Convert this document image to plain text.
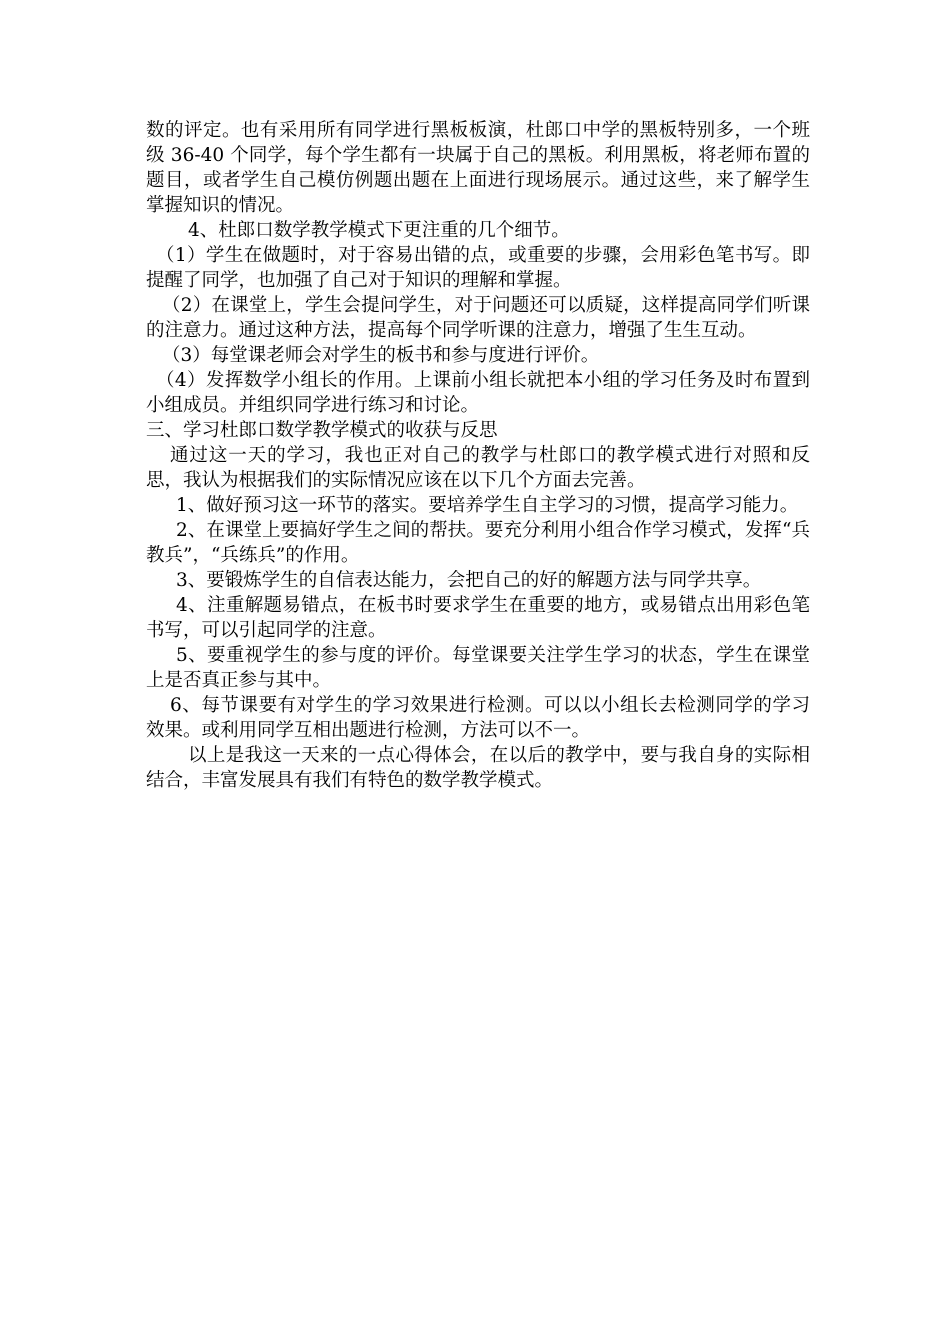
数的评定。也有采用所有同学进行黑板板演，杜郎口中学的黑板特别多，一个班级 36-40 个同学，每个学生都有一块属于自己的黑板。利用黑板，将老师布置的题目，或者学生自己模仿例题出题在上面进行现场展示。通过这些，来了解学生掌握知识的情况。

4、杜郎口数学教学模式下更注重的几个细节。

（1）学生在做题时，对于容易出错的点，或重要的步骤，会用彩色笔书写。即提醒了同学，也加强了自己对于知识的理解和掌握。

（2）在课堂上，学生会提问学生，对于问题还可以质疑，这样提高同学们听课的注意力。通过这种方法，提高每个同学听课的注意力，增强了生生互动。

（3）每堂课老师会对学生的板书和参与度进行评价。

（4）发挥数学小组长的作用。上课前小组长就把本小组的学习任务及时布置到小组成员。并组织同学进行练习和讨论。

三、学习杜郎口数学教学模式的收获与反思

通过这一天的学习，我也正对自己的教学与杜郎口的教学模式进行对照和反思，我认为根据我们的实际情况应该在以下几个方面去完善。

1、做好预习这一环节的落实。要培养学生自主学习的习惯，提高学习能力。

2、在课堂上要搞好学生之间的帮扶。要充分利用小组合作学习模式，发挥“兵教兵”，“兵练兵”的作用。

3、要锻炼学生的自信表达能力，会把自己的好的解题方法与同学共享。

4、注重解题易错点，在板书时要求学生在重要的地方，或易错点出用彩色笔书写，可以引起同学的注意。

5、要重视学生的参与度的评价。每堂课要关注学生学习的状态，学生在课堂上是否真正参与其中。

6、每节课要有对学生的学习效果进行检测。可以以小组长去检测同学的学习效果。或利用同学互相出题进行检测，方法可以不一。

以上是我这一天来的一点心得体会，在以后的教学中，要与我自身的实际相结合，丰富发展具有我们有特色的数学教学模式。
